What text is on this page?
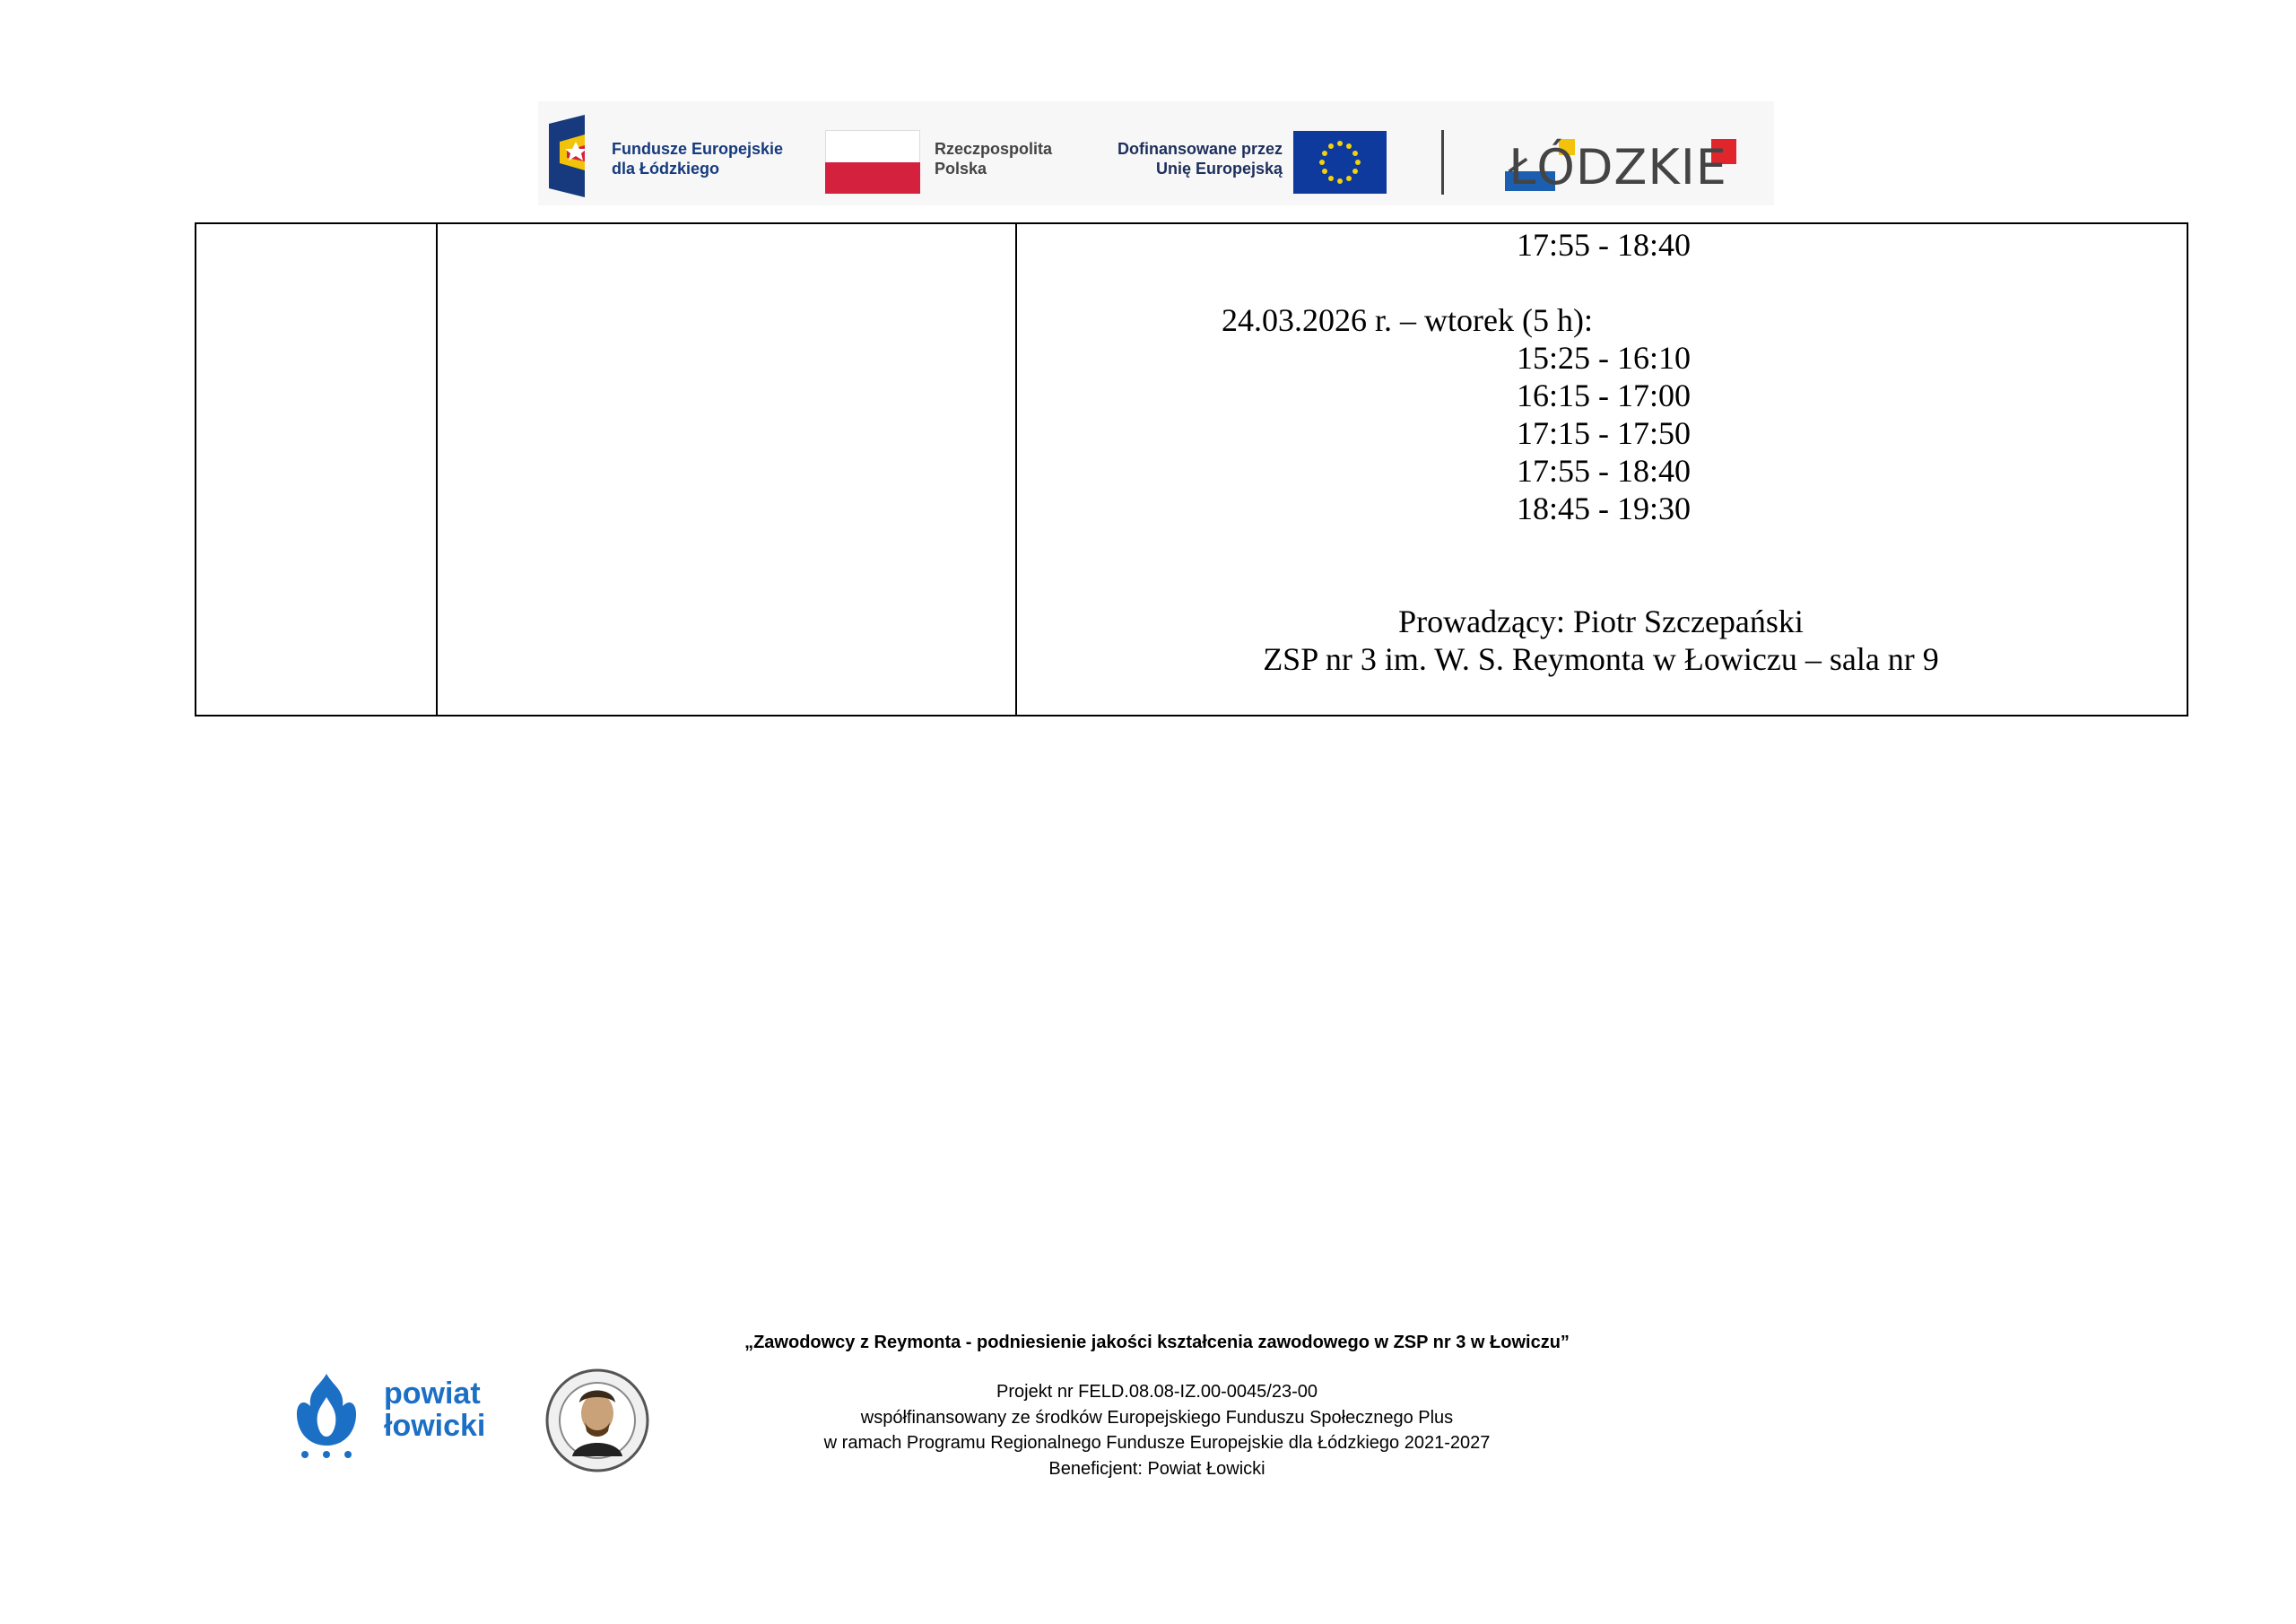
Fundusze Europejskie
dla Łódzkiego
Rzeczpospolita
Polska
Dofinansowane przez
Unię Europejską	ŁÓDZKIE
17:55 - 18:40
24.03.2026 r. – wtorek (5 h):
15:25 - 16:10
16:15 - 17:00
17:15 - 17:50
17:55 - 18:40
18:45 - 19:30
Prowadzący: Piotr Szczepański
ZSP nr 3 im. W. S. Reymonta w Łowiczu – sala nr 9
„Zawodowcy z Reymonta - podniesienie jakości kształcenia zawodowego w ZSP nr 3 w Łowiczu”
powiat
łowicki
Projekt nr FELD.08.08-IZ.00-0045/23-00
współfinansowany ze środków Europejskiego Funduszu Społecznego Plus
w ramach Programu Regionalnego Fundusze Europejskie dla Łódzkiego 2021-2027
Beneficjent: Powiat Łowicki
